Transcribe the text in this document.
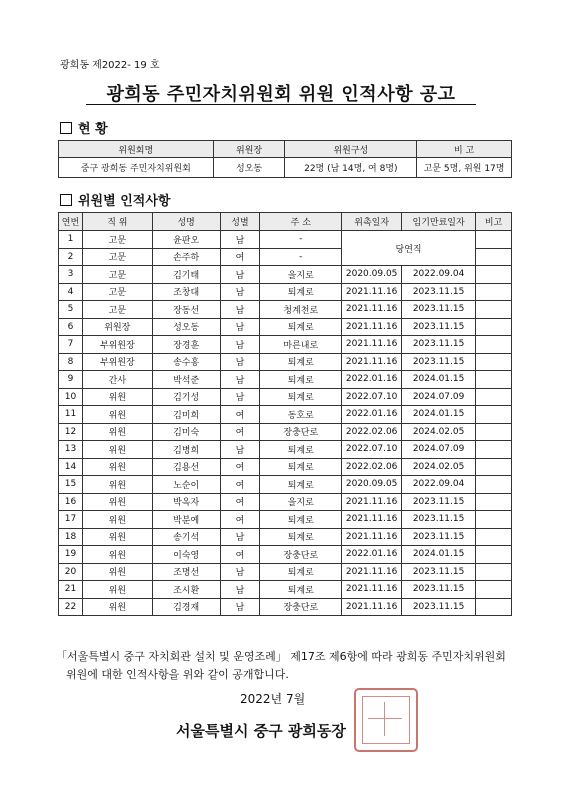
광희동 제2022- 19 호
광희동 주민자치위원회 위원 인적사항 공고
현 황
위원회명	위원장	위원구성	비 고
중구 광희동 주민자치위원회	성오동	22명 (남 14명, 여 8명)	고문 5명, 위원 17명
위원별 인적사항
연번	직 위	성명	성별	주 소	위촉일자	임기만료일자	비고
1	고문	윤판오	남	-	당연직		
2	고문	손주하	여	-			
3	고문	김기태	남	을지로	2020.09.05	2022.09.04	
4	고문	조창대	남	퇴계로	2021.11.16	2023.11.15	
5	고문	장동선	남	청계천로	2021.11.16	2023.11.15	
6	위원장	성오동	남	퇴계로	2021.11.16	2023.11.15	
7	부위원장	장경훈	남	마른내로	2021.11.16	2023.11.15	
8	부위원장	송수홍	남	퇴계로	2021.11.16	2023.11.15	
9	간사	박석준	남	퇴계로	2022.01.16	2024.01.15	
10	위원	김기성	남	퇴계로	2022.07.10	2024.07.09	
11	위원	김미희	여	동호로	2022.01.16	2024.01.15	
12	위원	김미숙	여	장충단로	2022.02.06	2024.02.05	
13	위원	김병희	남	퇴계로	2022.07.10	2024.07.09	
14	위원	김용선	여	퇴계로	2022.02.06	2024.02.05	
15	위원	노순이	여	퇴계로	2020.09.05	2022.09.04	
16	위원	박옥자	여	을지로	2021.11.16	2023.11.15	
17	위원	박분예	여	퇴계로	2021.11.16	2023.11.15	
18	위원	송기석	남	퇴계로	2021.11.16	2023.11.15	
19	위원	이숙영	여	장충단로	2022.01.16	2024.01.15	
20	위원	조명선	남	퇴계로	2021.11.16	2023.11.15	
21	위원	조시환	남	퇴계로	2021.11.16	2023.11.15	
22	위원	김경재	남	장충단로	2021.11.16	2023.11.15	
「서울특별시 중구 자치회관 설치 및 운영조례」 제17조 제6항에 따라 광희동 주민자치위원회
위원에 대한 인적사항을 위와 같이 공개합니다.
2022년 7월
서울특별시 중구 광희동장
